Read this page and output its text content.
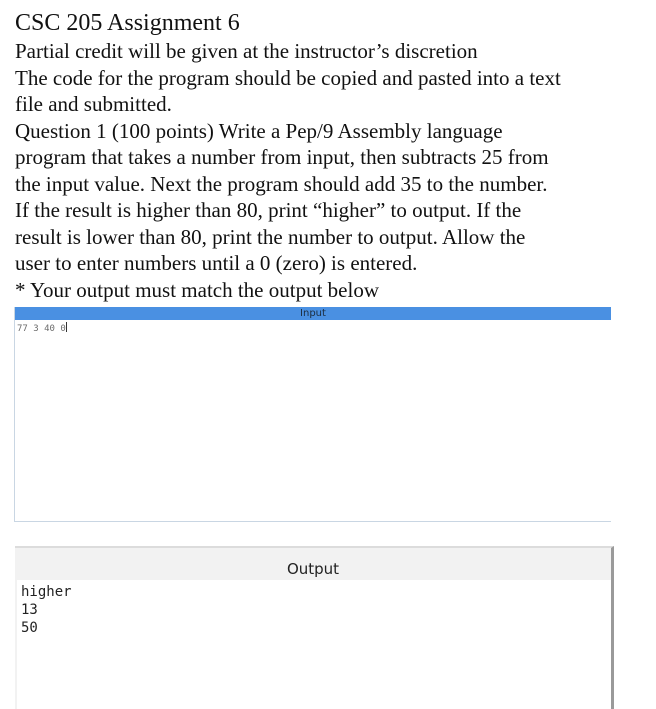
CSC 205 Assignment 6

Partial credit will be given at the instructor’s discretion

The code for the program should be copied and pasted into a text

file and submitted.

Question 1 (100 points) Write a Pep/9 Assembly language

program that takes a number from input, then subtracts 25 from

the input value. Next the program should add 35 to the number.

If the result is higher than 80, print “higher” to output. If the

result is lower than 80, print the number to output. Allow the

user to enter numbers until a 0 (zero) is entered.

* Your output must match the output below

Input
77 3 40 0
Output
higher
13
50
